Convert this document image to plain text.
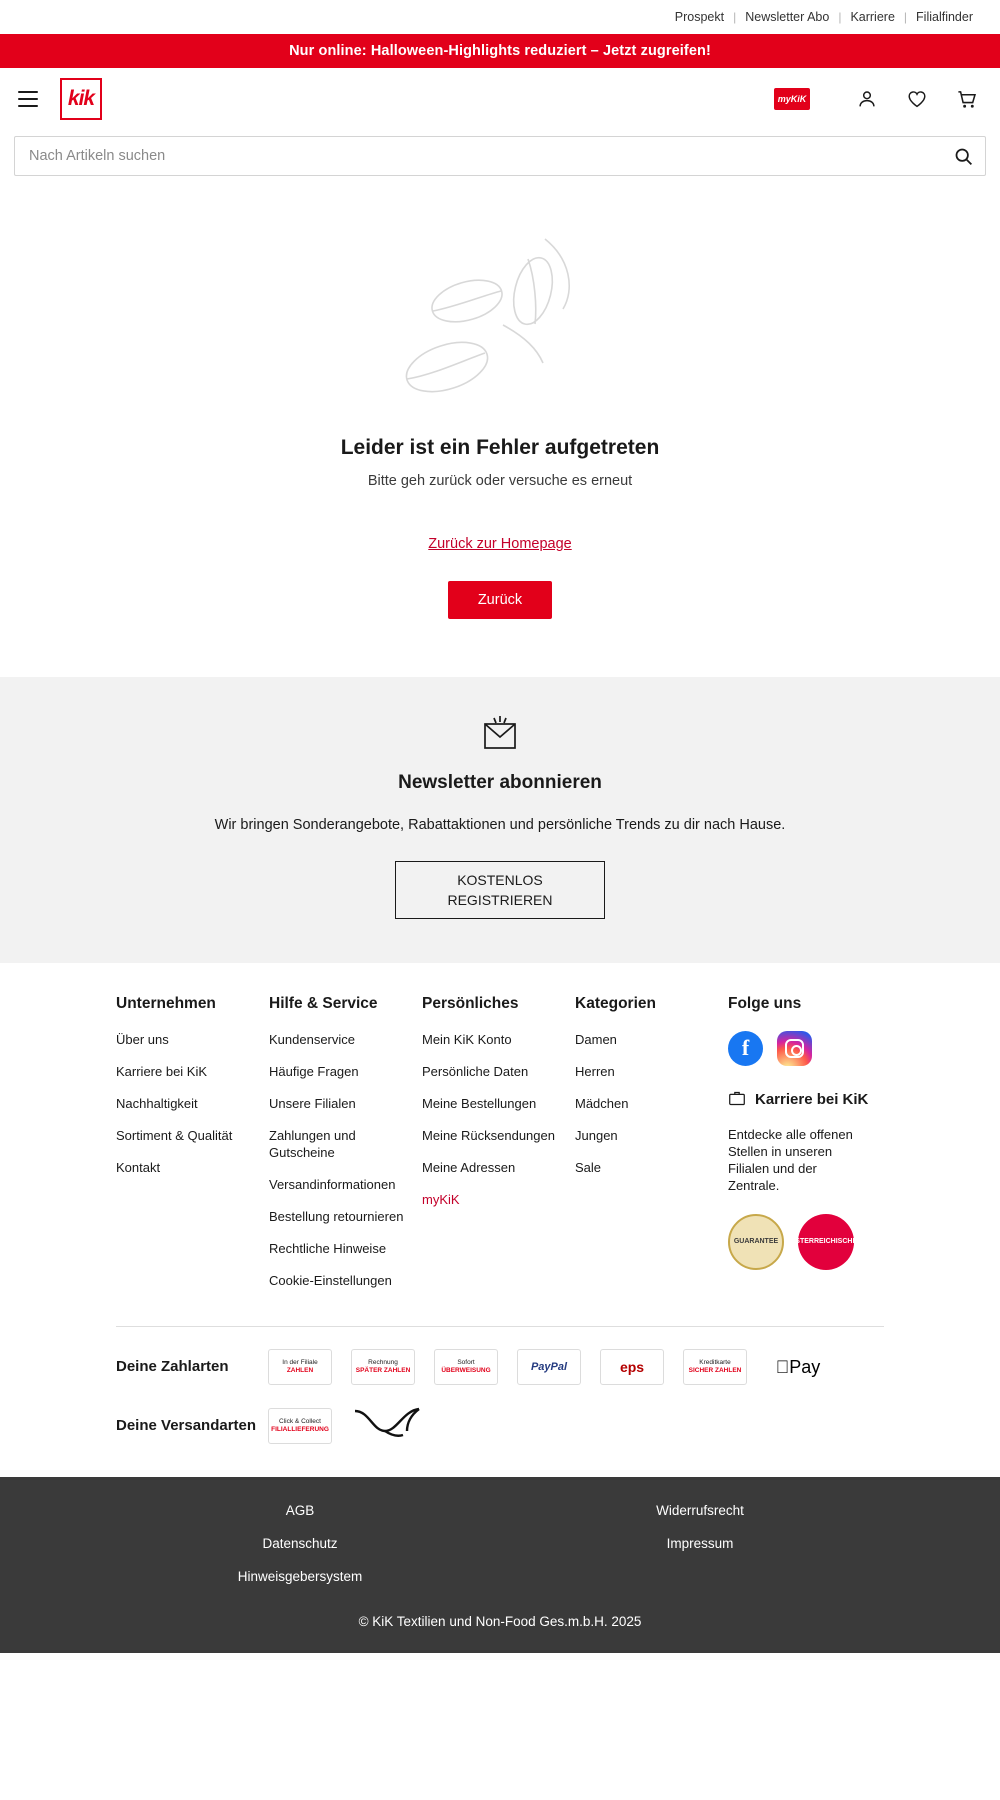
Prospekt | Newsletter Abo | Karriere | Filialfinder
Nur online: Halloween-Highlights reduziert – Jetzt zugreifen!
kik	myKiK
Nach Artikeln suchen
Leider ist ein Fehler aufgetreten

Bitte geh zurück oder versuche es erneut

Zurück zur Homepage
Zurück
Newsletter abonnieren
Wir bringen Sonderangebote, Rabattaktionen und persönliche Trends zu dir nach Hause.
KOSTENLOS
REGISTRIEREN
Unternehmen
Über uns
Karriere bei KiK
Nachhaltigkeit
Sortiment & Qualität
Kontakt
Hilfe & Service
Kundenservice
Häufige Fragen
Unsere Filialen
Zahlungen und Gutscheine
Versandinformationen
Bestellung retournieren
Rechtliche Hinweise
Cookie-Einstellungen
Persönliches
Mein KiK Konto
Persönliche Daten
Meine Bestellungen
Meine Rücksendungen
Meine Adressen
myKiK
Kategorien
Damen
Herren
Mädchen
Jungen
Sale
Folge uns
f
Karriere bei KiK
Entdecke alle offenen Stellen in unseren Filialen und der Zentrale.
GUARANTEE ÖSTERREICHISCHER
Deine Zahlarten	In der Filiale
ZAHLEN
Rechnung
SPÄTER ZAHLEN
Sofort
ÜBERWEISUNG	PayPal	eps	Kreditkarte
SICHER ZAHLEN Pay
Deine Versandarten	Click & Collect
FILIALLIEFERUNG
AGB	Widerrufsrecht
Datenschutz	Impressum
Hinweisgebersystem
© KiK Textilien und Non-Food Ges.m.b.H. 2025
